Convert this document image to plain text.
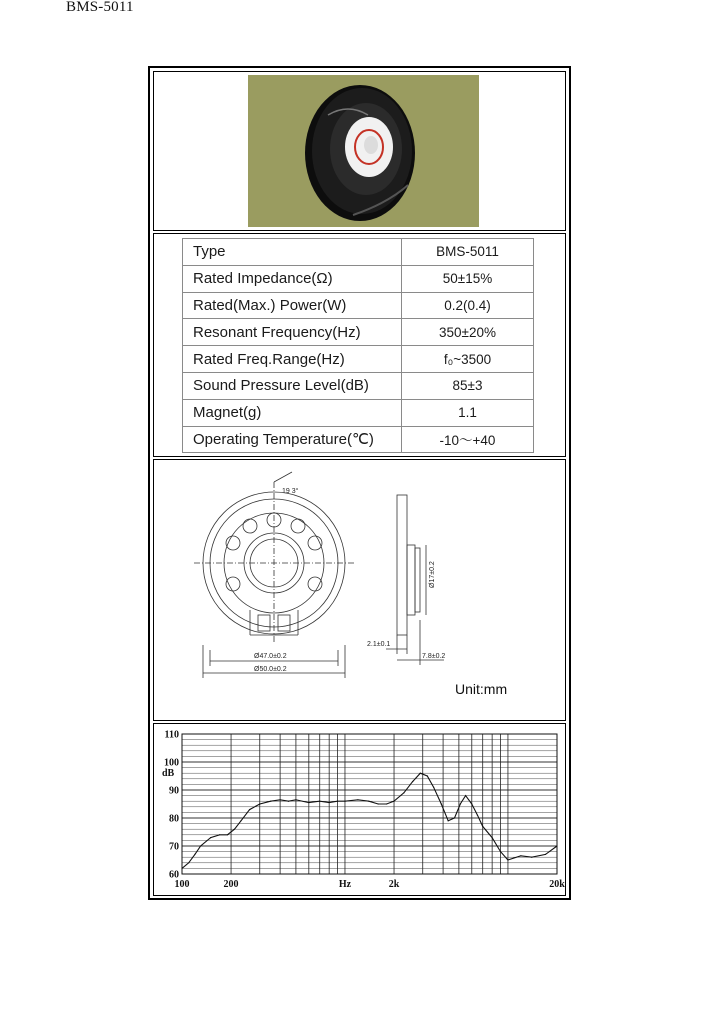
BMS-5011
Type	BMS-5011
Rated Impedance(Ω)	50±15%
Rated(Max.) Power(W)	0.2(0.4)
Resonant Frequency(Hz)	350±20%
Rated Freq.Range(Hz)	f₀~3500
Sound Pressure Level(dB)	85±3
Magnet(g)	1.1
Operating Temperature(℃)	-10～+40
19 3°
Ø47.0±0.2
Ø50.0±0.2
Ø17±0.2
2.1±0.1
7.8±0.2
Unit:mm
60
70
80
90
100
110
dB
100	200	Hz	2k	20k
